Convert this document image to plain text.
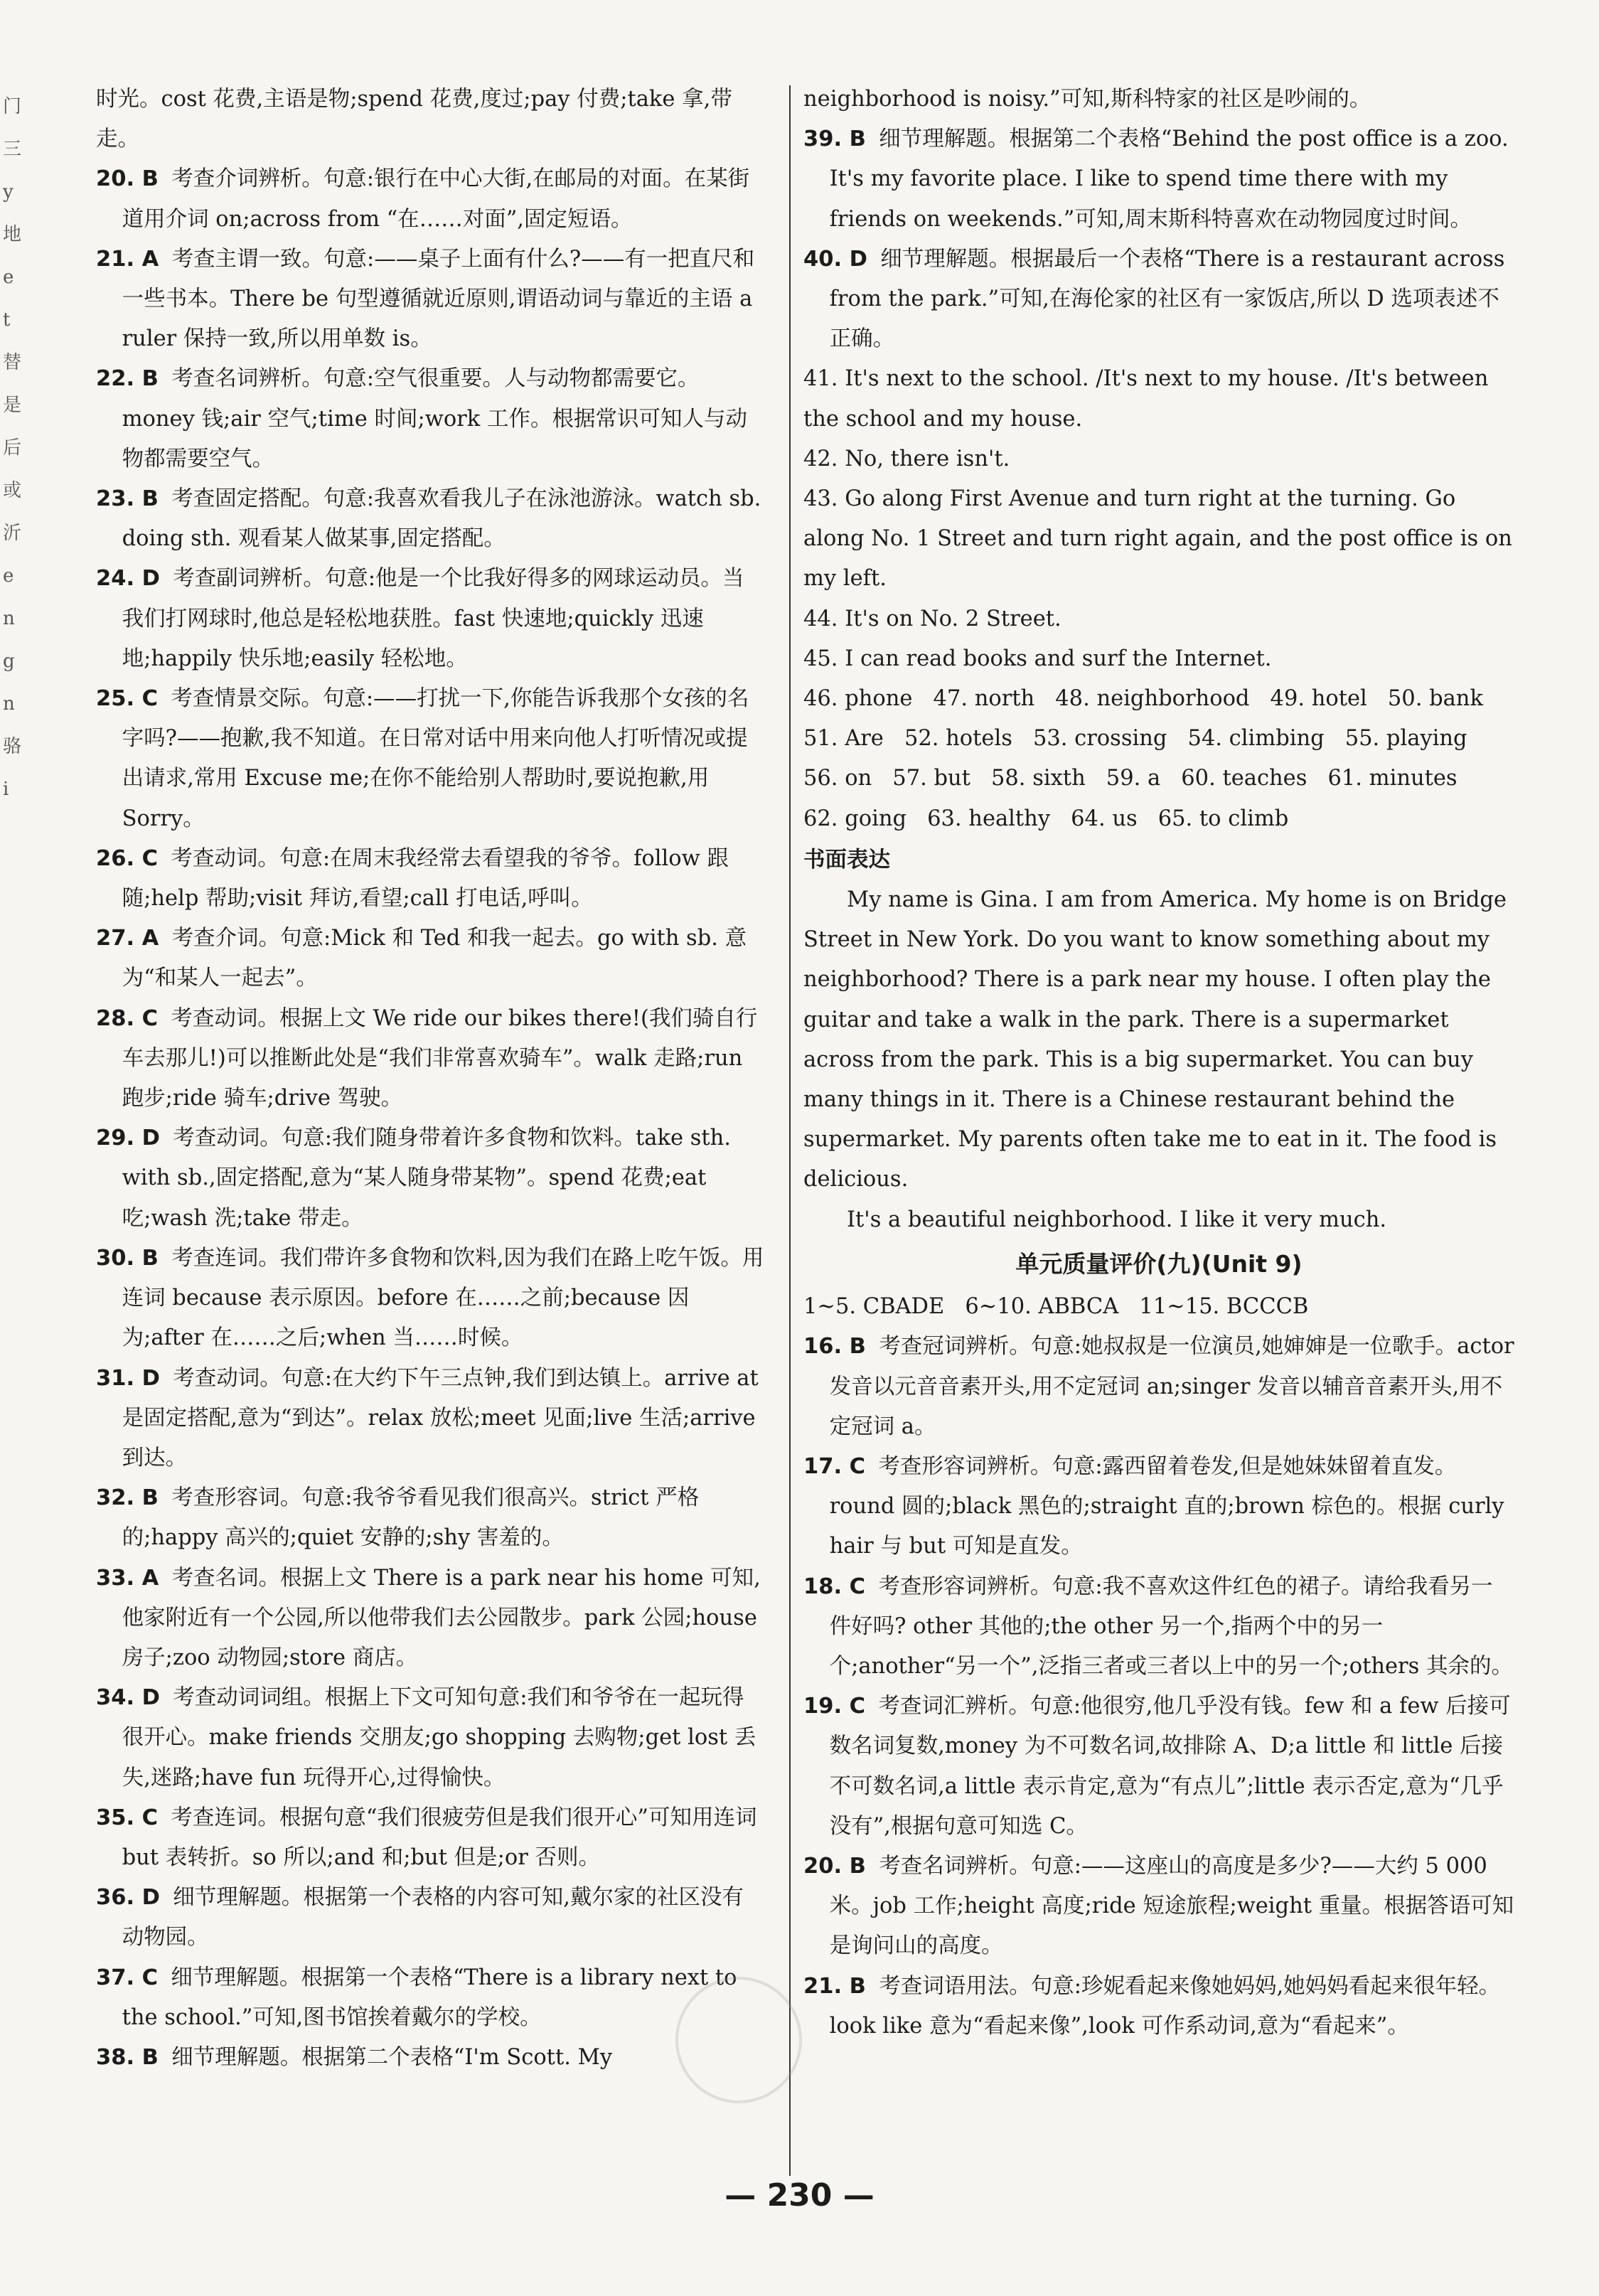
门
三
y
地
e
t
替
是
后
或
沂
e
n
g
n
骆
i
时光。cost 花费,主语是物;spend 花费,度过;pay 付费;take 拿,带走。
20. B 考查介词辨析。句意:银行在中心大街,在邮局的对面。在某街道用介词 on;across from “在……对面”,固定短语。
21. A 考查主谓一致。句意:——桌子上面有什么?——有一把直尺和一些书本。There be 句型遵循就近原则,谓语动词与靠近的主语 a ruler 保持一致,所以用单数 is。
22. B 考查名词辨析。句意:空气很重要。人与动物都需要它。money 钱;air 空气;time 时间;work 工作。根据常识可知人与动物都需要空气。
23. B 考查固定搭配。句意:我喜欢看我儿子在泳池游泳。watch sb. doing sth. 观看某人做某事,固定搭配。
24. D 考查副词辨析。句意:他是一个比我好得多的网球运动员。当我们打网球时,他总是轻松地获胜。fast 快速地;quickly 迅速地;happily 快乐地;easily 轻松地。
25. C 考查情景交际。句意:——打扰一下,你能告诉我那个女孩的名字吗?——抱歉,我不知道。在日常对话中用来向他人打听情况或提出请求,常用 Excuse me;在你不能给别人帮助时,要说抱歉,用 Sorry。
26. C 考查动词。句意:在周末我经常去看望我的爷爷。follow 跟随;help 帮助;visit 拜访,看望;call 打电话,呼叫。
27. A 考查介词。句意:Mick 和 Ted 和我一起去。go with sb. 意为“和某人一起去”。
28. C 考查动词。根据上文 We ride our bikes there!(我们骑自行车去那儿!)可以推断此处是“我们非常喜欢骑车”。walk 走路;run 跑步;ride 骑车;drive 驾驶。
29. D 考查动词。句意:我们随身带着许多食物和饮料。take sth. with sb.,固定搭配,意为“某人随身带某物”。spend 花费;eat 吃;wash 洗;take 带走。
30. B 考查连词。我们带许多食物和饮料,因为我们在路上吃午饭。用连词 because 表示原因。before 在……之前;because 因为;after 在……之后;when 当……时候。
31. D 考查动词。句意:在大约下午三点钟,我们到达镇上。arrive at 是固定搭配,意为“到达”。relax 放松;meet 见面;live 生活;arrive 到达。
32. B 考查形容词。句意:我爷爷看见我们很高兴。strict 严格的;happy 高兴的;quiet 安静的;shy 害羞的。
33. A 考查名词。根据上文 There is a park near his home 可知,他家附近有一个公园,所以他带我们去公园散步。park 公园;house 房子;zoo 动物园;store 商店。
34. D 考查动词词组。根据上下文可知句意:我们和爷爷在一起玩得很开心。make friends 交朋友;go shopping 去购物;get lost 丢失,迷路;have fun 玩得开心,过得愉快。
35. C 考查连词。根据句意“我们很疲劳但是我们很开心”可知用连词 but 表转折。so 所以;and 和;but 但是;or 否则。
36. D 细节理解题。根据第一个表格的内容可知,戴尔家的社区没有动物园。
37. C 细节理解题。根据第一个表格“There is a library next to the school.”可知,图书馆挨着戴尔的学校。
38. B 细节理解题。根据第二个表格“I'm Scott. My
neighborhood is noisy.”可知,斯科特家的社区是吵闹的。
39. B 细节理解题。根据第二个表格“Behind the post office is a zoo. It's my favorite place. I like to spend time there with my friends on weekends.”可知,周末斯科特喜欢在动物园度过时间。
40. D 细节理解题。根据最后一个表格“There is a restaurant across from the park.”可知,在海伦家的社区有一家饭店,所以 D 选项表述不正确。
41. It's next to the school. /It's next to my house. /It's between the school and my house.
42. No, there isn't.
43. Go along First Avenue and turn right at the turning. Go along No. 1 Street and turn right again, and the post office is on my left.
44. It's on No. 2 Street.
45. I can read books and surf the Internet.
46. phone   47. north   48. neighborhood   49. hotel   50. bank
51. Are   52. hotels   53. crossing   54. climbing   55. playing
56. on   57. but   58. sixth   59. a   60. teaches   61. minutes
62. going   63. healthy   64. us   65. to climb
书面表达

My name is Gina. I am from America. My home is on Bridge Street in New York. Do you want to know something about my neighborhood? There is a park near my house. I often play the guitar and take a walk in the park. There is a supermarket across from the park. This is a big supermarket. You can buy many things in it. There is a Chinese restaurant behind the supermarket. My parents often take me to eat in it. The food is delicious.

It's a beautiful neighborhood. I like it very much.

单元质量评价(九)(Unit 9)
1~5. CBADE   6~10. ABBCA   11~15. BCCCB
16. B 考查冠词辨析。句意:她叔叔是一位演员,她婶婶是一位歌手。actor 发音以元音音素开头,用不定冠词 an;singer 发音以辅音音素开头,用不定冠词 a。
17. C 考查形容词辨析。句意:露西留着卷发,但是她妹妹留着直发。round 圆的;black 黑色的;straight 直的;brown 棕色的。根据 curly hair 与 but 可知是直发。
18. C 考查形容词辨析。句意:我不喜欢这件红色的裙子。请给我看另一件好吗? other 其他的;the other 另一个,指两个中的另一个;another“另一个”,泛指三者或三者以上中的另一个;others 其余的。
19. C 考查词汇辨析。句意:他很穷,他几乎没有钱。few 和 a few 后接可数名词复数,money 为不可数名词,故排除 A、D;a little 和 little 后接不可数名词,a little 表示肯定,意为“有点儿”;little 表示否定,意为“几乎没有”,根据句意可知选 C。
20. B 考查名词辨析。句意:——这座山的高度是多少?——大约 5 000 米。job 工作;height 高度;ride 短途旅程;weight 重量。根据答语可知是询问山的高度。
21. B 考查词语用法。句意:珍妮看起来像她妈妈,她妈妈看起来很年轻。look like 意为“看起来像”,look 可作系动词,意为“看起来”。
— 230 —
